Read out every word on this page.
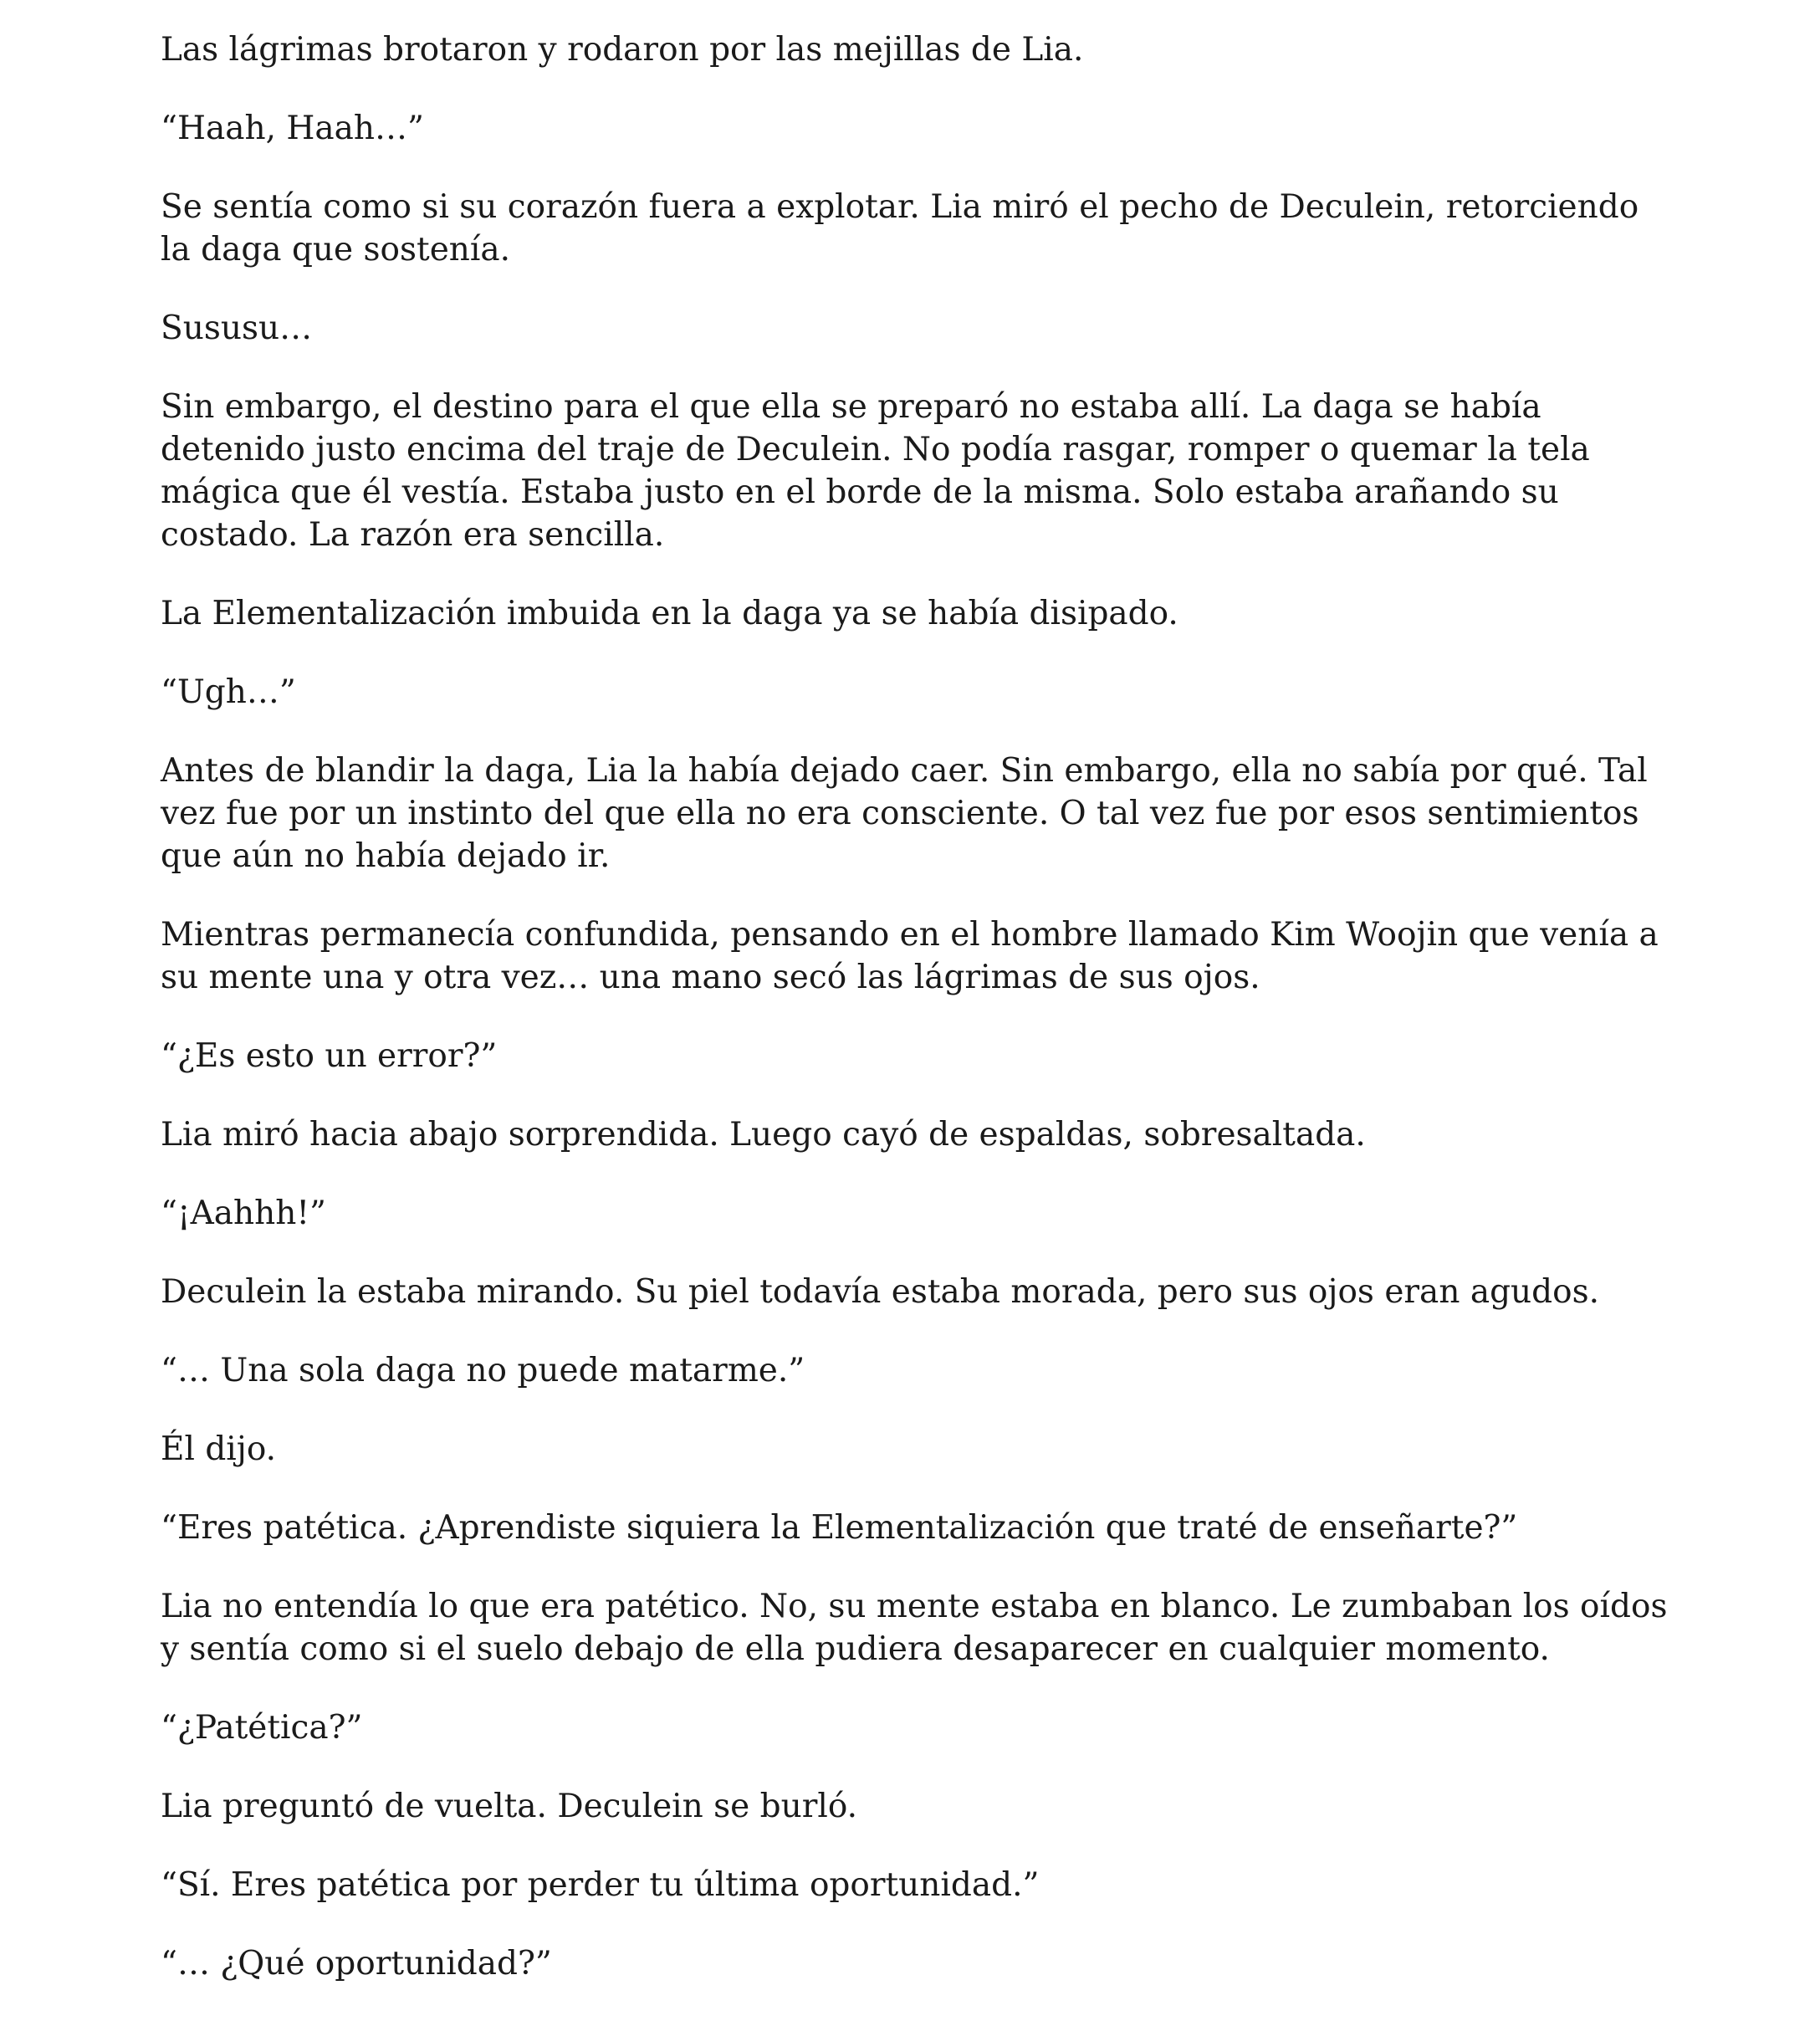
Las lágrimas brotaron y rodaron por las mejillas de Lia.

“Haah, Haah…”

Se sentía como si su corazón fuera a explotar. Lia miró el pecho de Deculein, retorciendo la daga que sostenía.

Sususu…

Sin embargo, el destino para el que ella se preparó no estaba allí. La daga se había detenido justo encima del traje de Deculein. No podía rasgar, romper o quemar la tela mágica que él vestía. Estaba justo en el borde de la misma. Solo estaba arañando su costado. La razón era sencilla.

La Elementalización imbuida en la daga ya se había disipado.

“Ugh…”

Antes de blandir la daga, Lia la había dejado caer. Sin embargo, ella no sabía por qué. Tal vez fue por un instinto del que ella no era consciente. O tal vez fue por esos sentimientos que aún no había dejado ir.

Mientras permanecía confundida, pensando en el hombre llamado Kim Woojin que venía a su mente una y otra vez… una mano secó las lágrimas de sus ojos.

“¿Es esto un error?”

Lia miró hacia abajo sorprendida. Luego cayó de espaldas, sobresaltada.

“¡Aahhh!”

Deculein la estaba mirando. Su piel todavía estaba morada, pero sus ojos eran agudos.

“… Una sola daga no puede matarme.”

Él dijo.

“Eres patética. ¿Aprendiste siquiera la Elementalización que traté de enseñarte?”

Lia no entendía lo que era patético. No, su mente estaba en blanco. Le zumbaban los oídos y sentía como si el suelo debajo de ella pudiera desaparecer en cualquier momento.

“¿Patética?”

Lia preguntó de vuelta. Deculein se burló.

“Sí. Eres patética por perder tu última oportunidad.”

“… ¿Qué oportunidad?”
